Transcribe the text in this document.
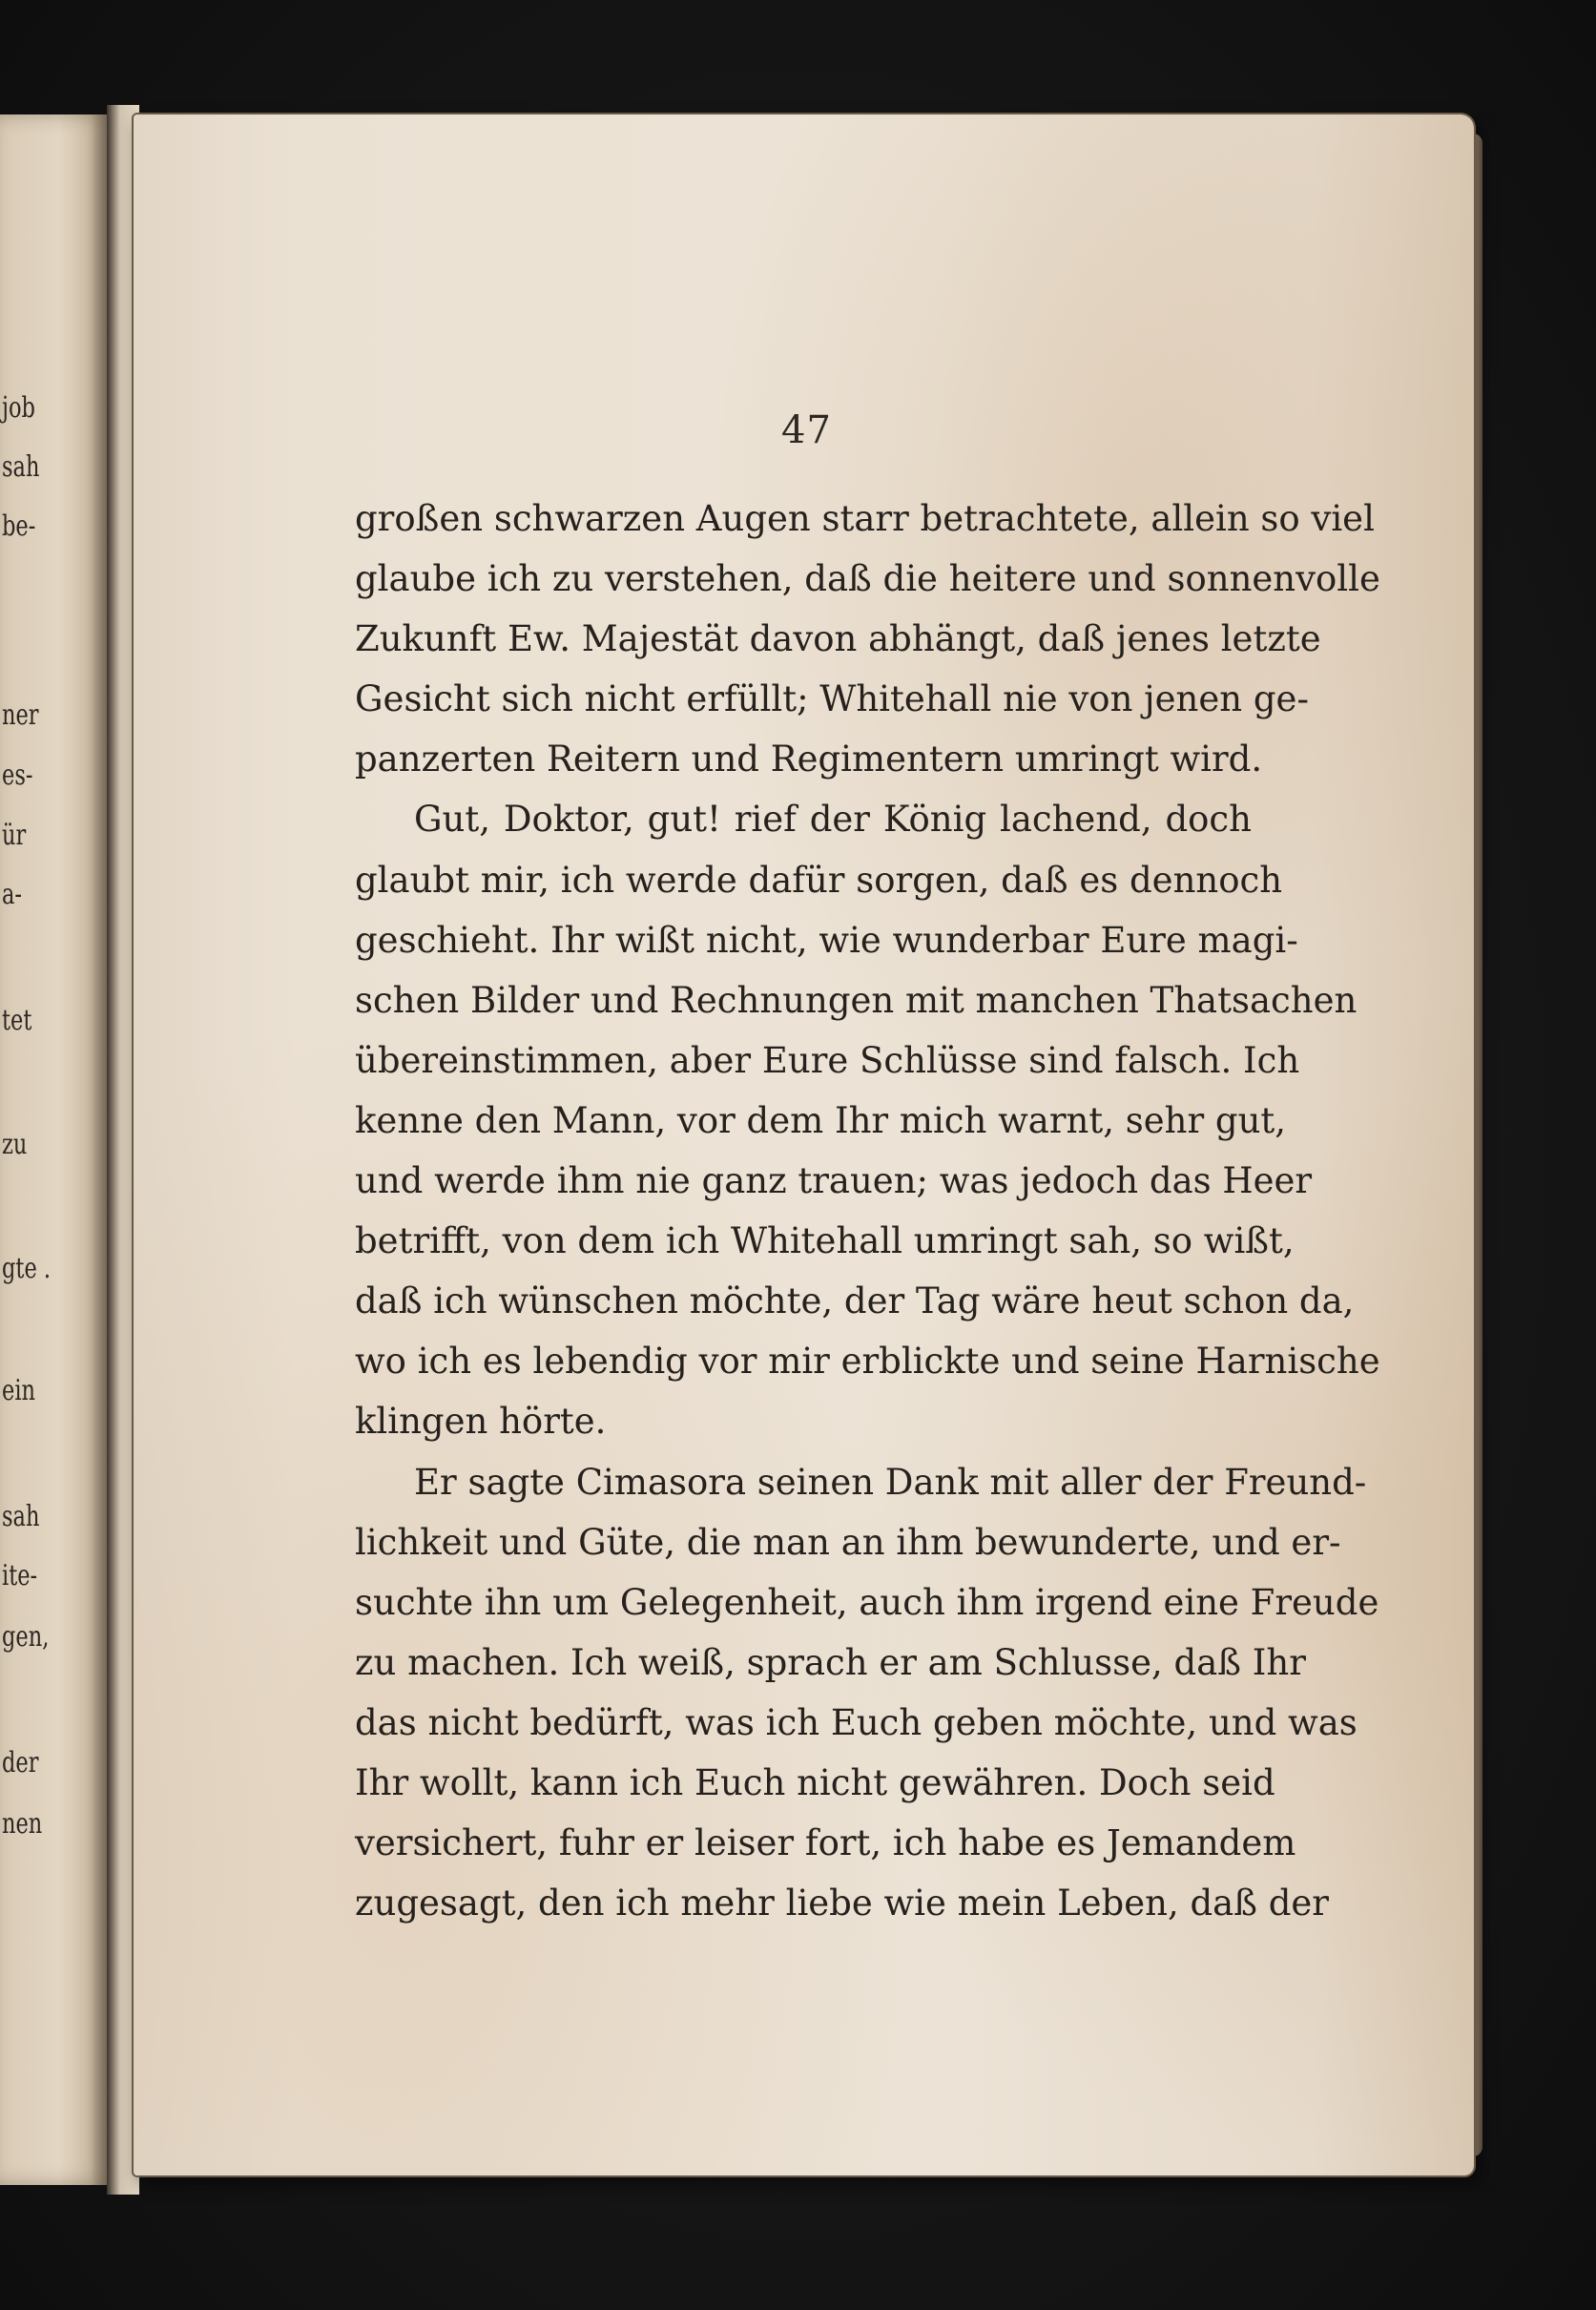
job
sah
be-
ner
es-
ür
a-
tet
zu
gte .
ein
sah
ite-
gen,
der
nen
47
großen schwarzen Augen starr betrachtete, allein so viel
glaube ich zu verstehen, daß die heitere und sonnenvolle
Zukunft Ew. Majestät davon abhängt, daß jenes letzte
Gesicht sich nicht erfüllt; Whitehall nie von jenen ge-
panzerten Reitern und Regimentern umringt wird.
Gut, Doktor, gut! rief der König lachend, doch
glaubt mir, ich werde dafür sorgen, daß es dennoch
geschieht. Ihr wißt nicht, wie wunderbar Eure magi-
schen Bilder und Rechnungen mit manchen Thatsachen
übereinstimmen, aber Eure Schlüsse sind falsch. Ich
kenne den Mann, vor dem Ihr mich warnt, sehr gut,
und werde ihm nie ganz trauen; was jedoch das Heer
betrifft, von dem ich Whitehall umringt sah, so wißt,
daß ich wünschen möchte, der Tag wäre heut schon da,
wo ich es lebendig vor mir erblickte und seine Harnische
klingen hörte.
Er sagte Cimasora seinen Dank mit aller der Freund-
lichkeit und Güte, die man an ihm bewunderte, und er-
suchte ihn um Gelegenheit, auch ihm irgend eine Freude
zu machen. Ich weiß, sprach er am Schlusse, daß Ihr
das nicht bedürft, was ich Euch geben möchte, und was
Ihr wollt, kann ich Euch nicht gewähren. Doch seid
versichert, fuhr er leiser fort, ich habe es Jemandem
zugesagt, den ich mehr liebe wie mein Leben, daß der
